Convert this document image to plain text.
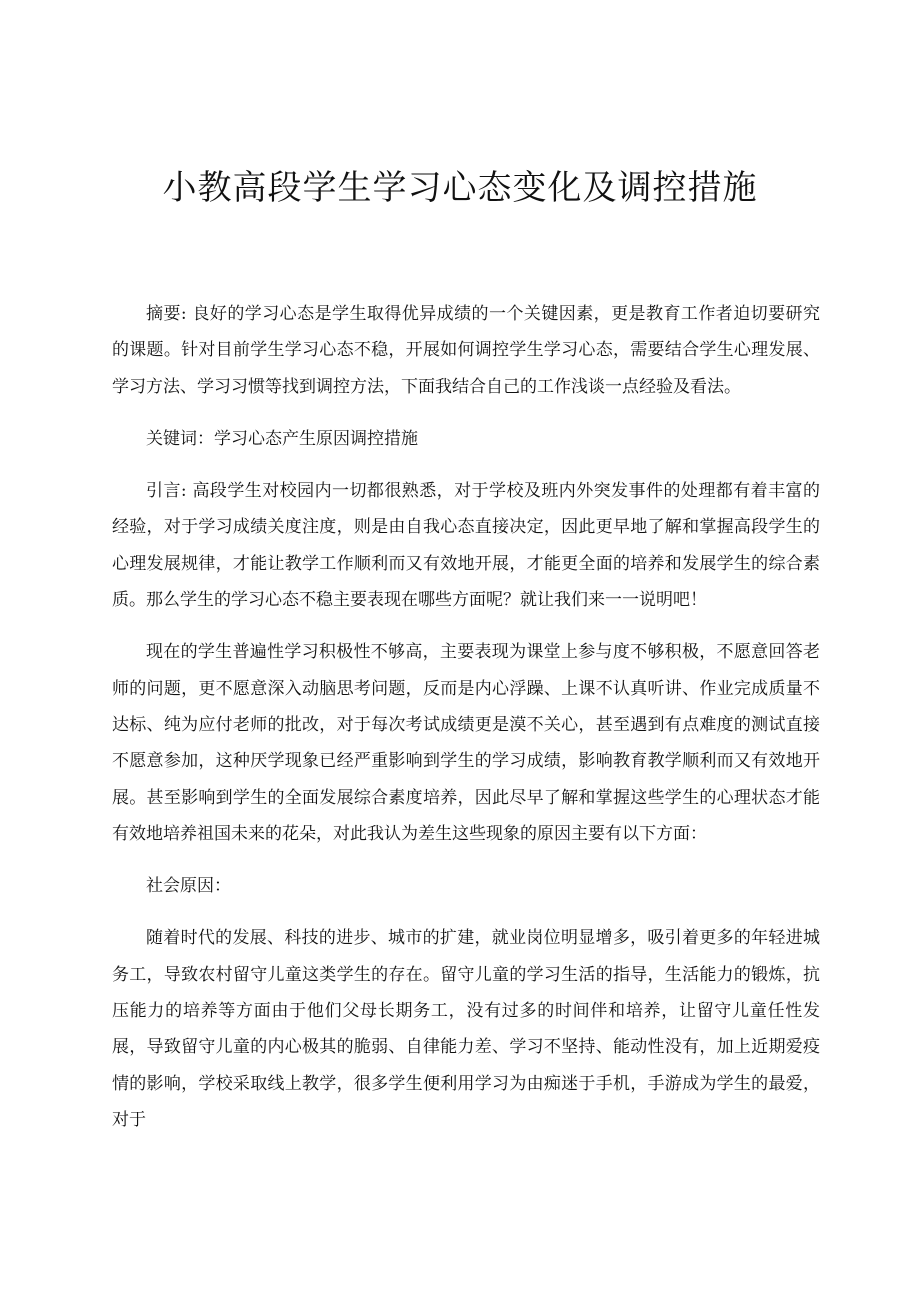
小教高段学生学习心态变化及调控措施

摘要: 良好的学习心态是学生取得优异成绩的一个关键因素，更是教育工作者迫切要研究的课题。针对目前学生学习心态不稳，开展如何调控学生学习心态，需要结合学生心理发展、学习方法、学习习惯等找到调控方法，下面我结合自己的工作浅谈一点经验及看法。

关键词：学习心态产生原因调控措施

引言: 高段学生对校园内一切都很熟悉，对于学校及班内外突发事件的处理都有着丰富的经验，对于学习成绩关度注度，则是由自我心态直接决定，因此更早地了解和掌握高段学生的心理发展规律，才能让教学工作顺利而又有效地开展，才能更全面的培养和发展学生的综合素质。那么学生的学习心态不稳主要表现在哪些方面呢？就让我们来一一说明吧！

现在的学生普遍性学习积极性不够高，主要表现为课堂上参与度不够积极，不愿意回答老师的问题，更不愿意深入动脑思考问题，反而是内心浮躁、上课不认真听讲、作业完成质量不达标、纯为应付老师的批改，对于每次考试成绩更是漠不关心，甚至遇到有点难度的测试直接不愿意参加，这种厌学现象已经严重影响到学生的学习成绩，影响教育教学顺利而又有效地开展。甚至影响到学生的全面发展综合素度培养，因此尽早了解和掌握这些学生的心理状态才能有效地培养祖国未来的花朵，对此我认为差生这些现象的原因主要有以下方面：

社会原因：

随着时代的发展、科技的进步、城市的扩建，就业岗位明显增多，吸引着更多的年轻进城务工，导致农村留守儿童这类学生的存在。留守儿童的学习生活的指导，生活能力的锻炼，抗压能力的培养等方面由于他们父母长期务工，没有过多的时间伴和培养，让留守儿童任性发展，导致留守儿童的内心极其的脆弱、自律能力差、学习不坚持、能动性没有，加上近期爱疫情的影响，学校采取线上教学，很多学生便利用学习为由痴迷于手机，手游成为学生的最爱，对于
